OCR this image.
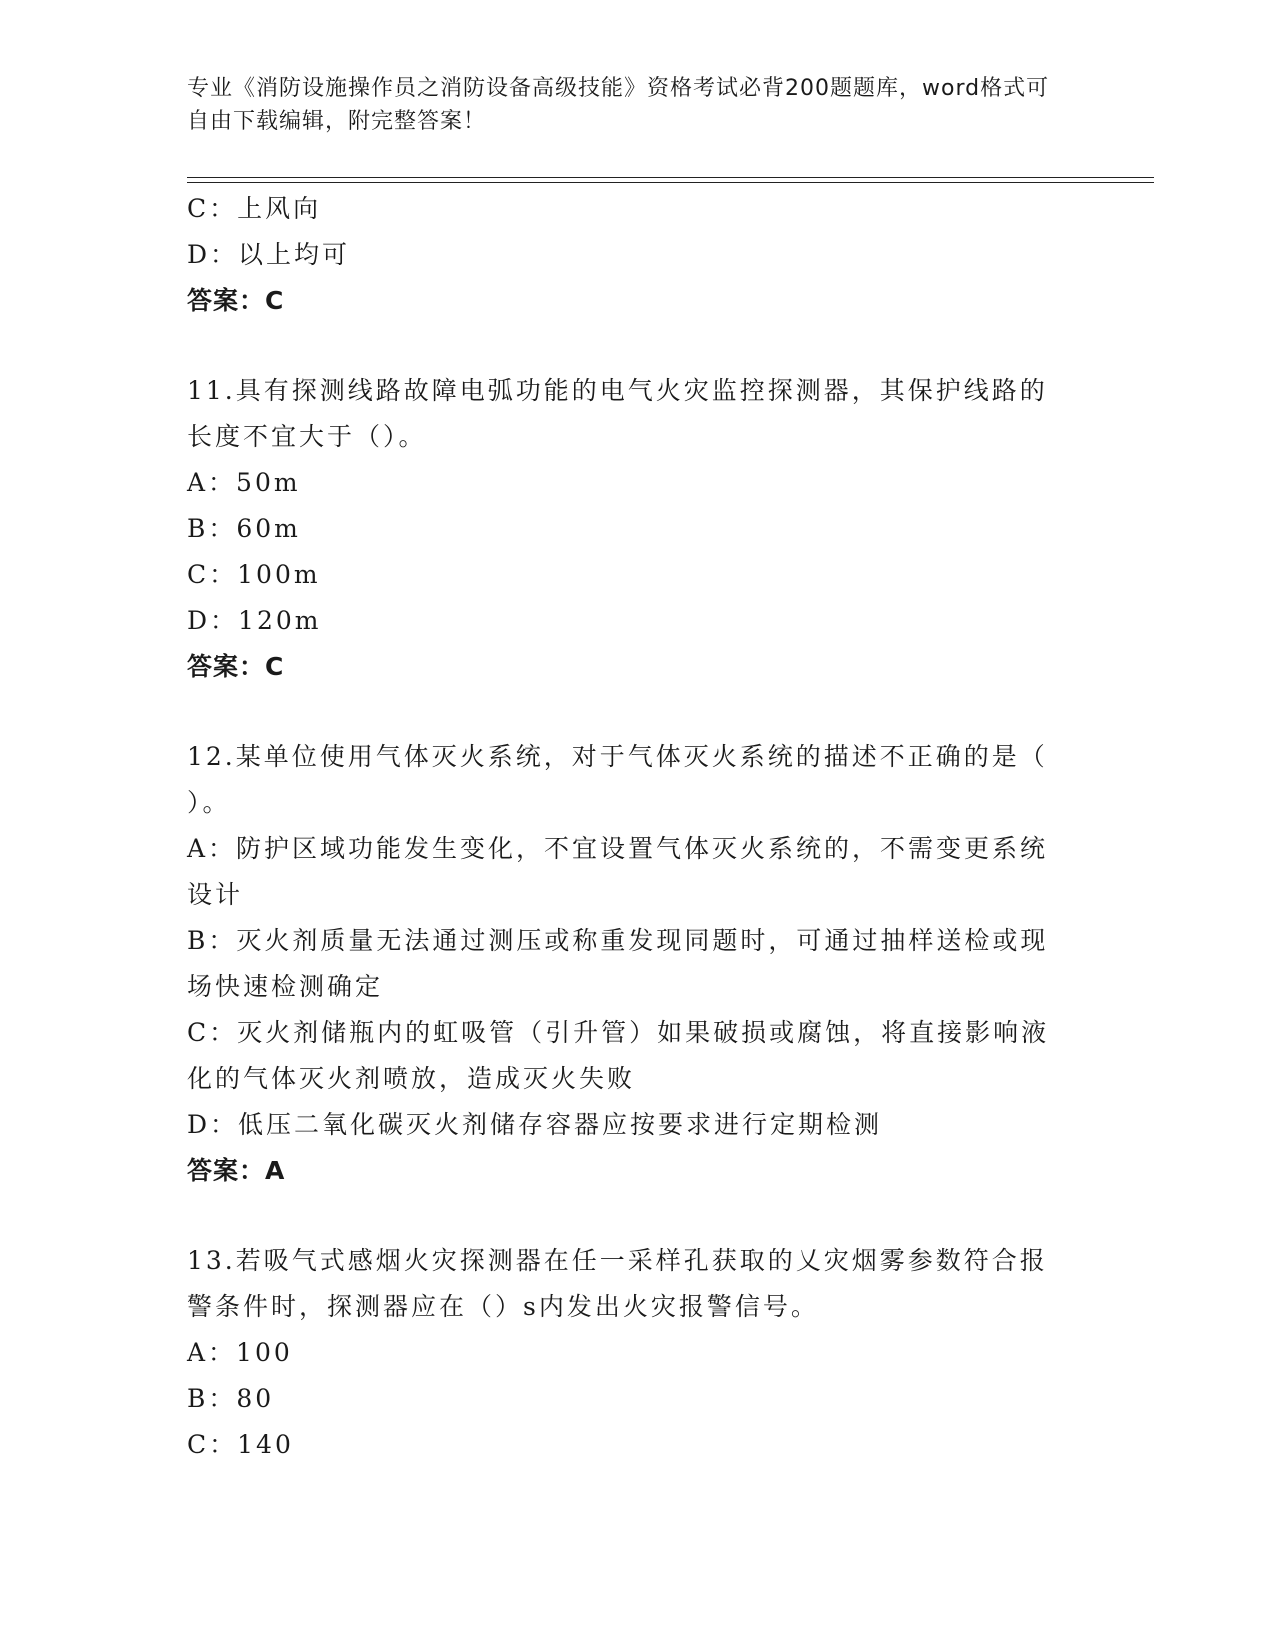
专业《消防设施操作员之消防设备高级技能》资格考试必背200题题库，word格式可自由下载编辑，附完整答案！
C：上风向
D：以上均可
答案：C
11.具有探测线路故障电弧功能的电气火灾监控探测器，其保护线路的
长度不宜大于（）。
A：50m
B：60m
C：100m
D：120m
答案：C
12.某单位使用气体灭火系统，对于气体灭火系统的描述不正确的是（
）。
A：防护区域功能发生变化，不宜设置气体灭火系统的，不需变更系统
设计
B：灭火剂质量无法通过测压或称重发现同题时，可通过抽样送检或现
场快速检测确定
C：灭火剂储瓶内的虹吸管（引升管）如果破损或腐蚀，将直接影响液
化的气体灭火剂喷放，造成灭火失败
D：低压二氧化碳灭火剂储存容器应按要求进行定期检测
答案：A
13.若吸气式感烟火灾探测器在任一采样孔获取的乂灾烟雾参数符合报
警条件时，探测器应在（）s内发出火灾报警信号。
A：100
B：80
C：140
